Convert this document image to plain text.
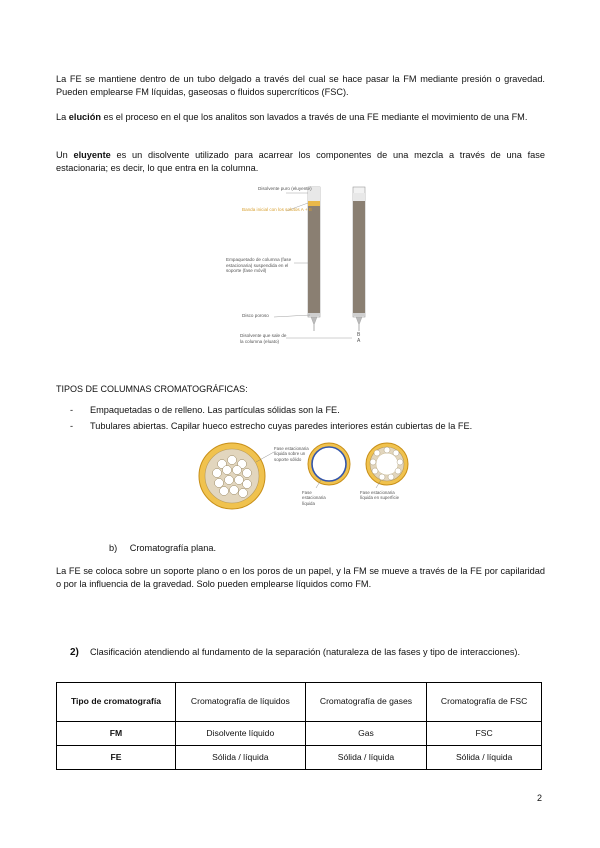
La FE se mantiene dentro de un tubo delgado a través del cual se hace pasar la FM mediante presión o gravedad. Pueden emplearse FM líquidas, gaseosas o fluidos supercríticos (FSC).

La elución es el proceso en el que los analitos son lavados a través de una FE mediante el movimiento de una FM.

Un eluyente es un disolvente utilizado para acarrear los componentes de una mezcla a través de una fase estacionaria; es decir, lo que entra en la columna.

Disolvente puro (eluyente)
Banda inicial con los solutos A + B
Empaquetado de columna (fase estacionaria) suspendida en el soporte (fase móvil)
Disco poroso
Disolvente que sale de la columna (eluato)
B
A

TIPOS DE COLUMNAS CROMATOGRÁFICAS:

- Empaquetadas o de relleno. Las partículas sólidas son la FE.
- Tubulares abiertas. Capilar hueco estrecho cuyas paredes interiores están cubiertas de la FE.
Fase estacionaria líquida sobre un soporte sólido
Fase estacionaria líquida
Fase estacionaria líquida en superficie
b) Cromatografía plana.

La FE se coloca sobre un soporte plano o en los poros de un papel, y la FM se mueve a través de la FE por capilaridad o por la influencia de la gravedad. Solo pueden emplearse líquidos como FM.

2) Clasificación atendiendo al fundamento de la separación (naturaleza de las fases y tipo de interacciones).

Tipo de cromatografía	Cromatografía de líquidos	Cromatografía de gases	Cromatografía de FSC
FM	Disolvente líquido	Gas	FSC
FE	Sólida / líquida	Sólida / líquida	Sólida / líquida
2
